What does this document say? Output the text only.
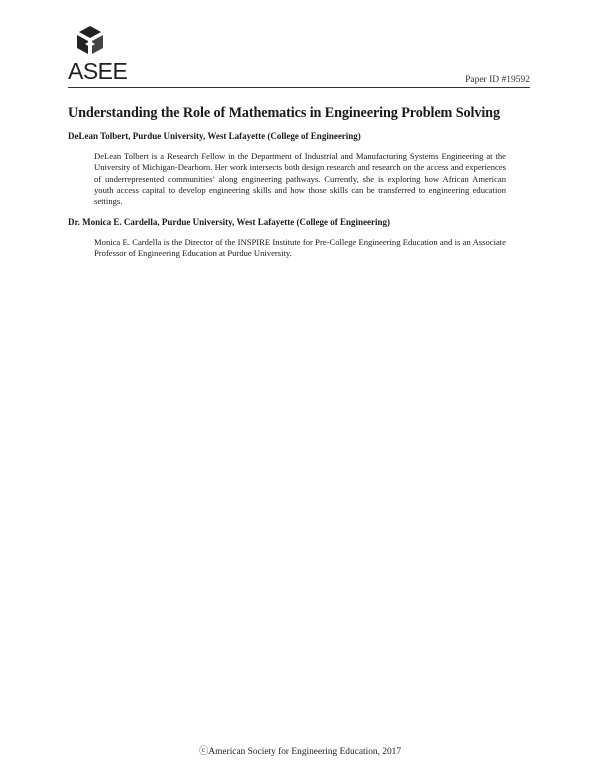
ASEE	Paper ID #19592
Understanding the Role of Mathematics in Engineering Problem Solving
DeLean Tolbert, Purdue University, West Lafayette (College of Engineering)
DeLean Tolbert is a Research Fellow in the Department of Industrial and Manufacturing Systems Engineering at the University of Michigan-Dearborn. Her work intersects both design research and research on the access and experiences of underrepresented communities’ along engineering pathways. Currently, she is exploring how African American youth access capital to develop engineering skills and how those skills can be transferred to engineering education settings.
Dr. Monica E. Cardella, Purdue University, West Lafayette (College of Engineering)
Monica E. Cardella is the Director of the INSPIRE Institute for Pre-College Engineering Education and is an Associate Professor of Engineering Education at Purdue University.
ⓒAmerican Society for Engineering Education, 2017
